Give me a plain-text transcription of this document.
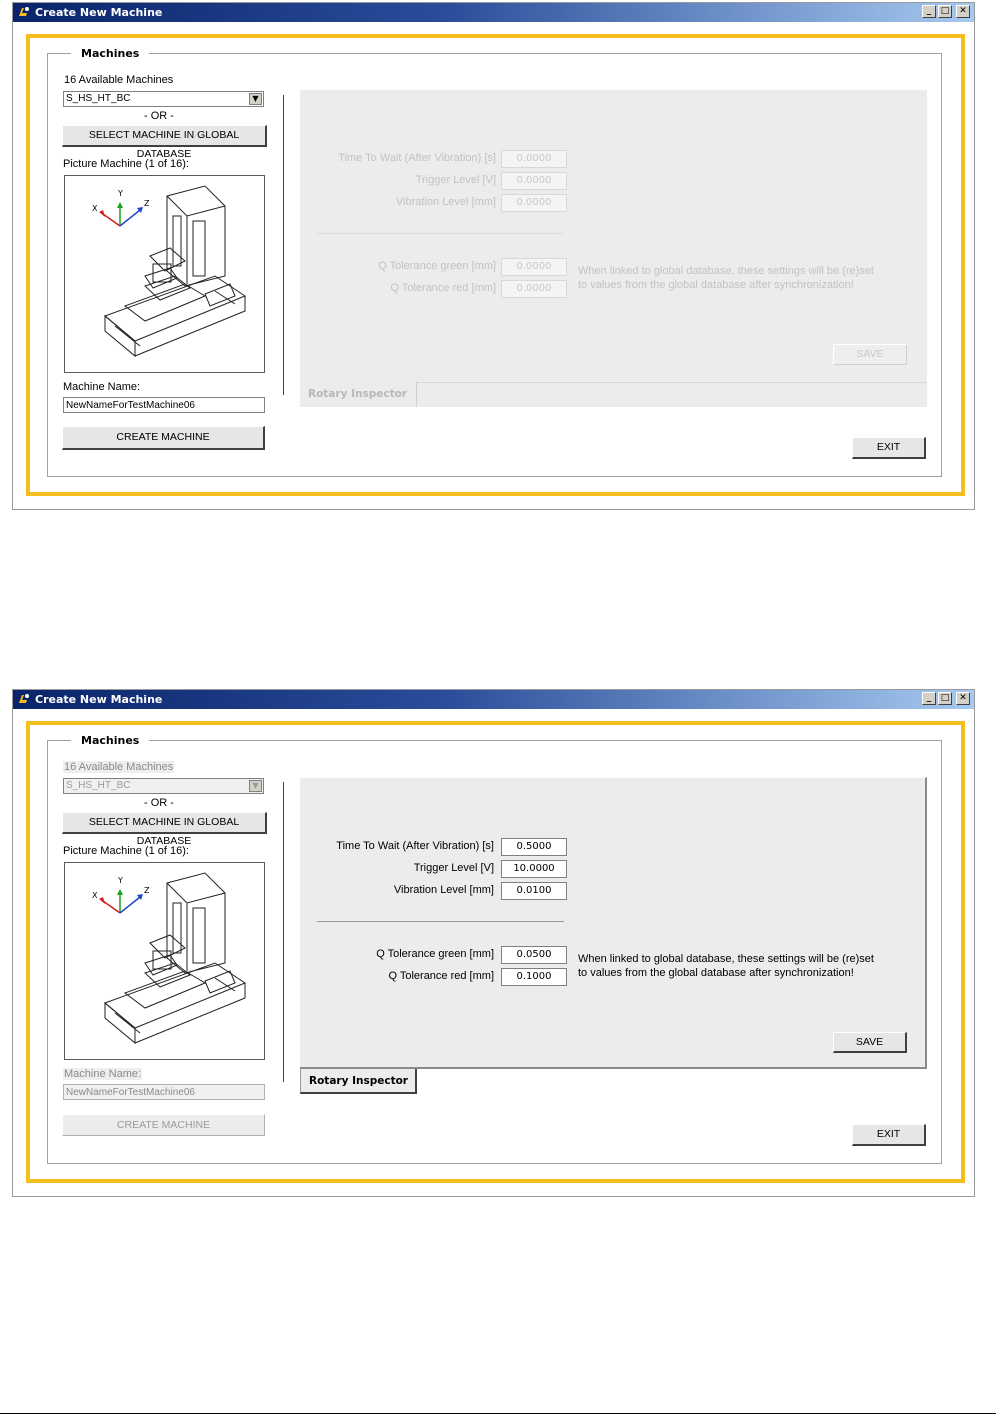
Create New Machine	_	□	✕
Machines
16 Available Machines
S_HS_HT_BC	▼
- OR -
SELECT MACHINE IN GLOBAL DATABASE
Picture Machine (1 of 16):
Y
X
Z
Machine Name:
NewNameForTestMachine06
CREATE MACHINE
Time To Wait (After Vibration) [s]	0.0000
Trigger Level [V]	0.0000
Vibration Level [mm]	0.0000
Q Tolerance green [mm]	0.0000
Q Tolerance red [mm]	0.0000
When linked to global database, these settings will be (re)set
to values from the global database after synchronization!
SAVE
Rotary Inspector
EXIT
Create New Machine	_	□	✕
Machines
16 Available Machines
S_HS_HT_BC	▼
- OR -
SELECT MACHINE IN GLOBAL DATABASE
Picture Machine (1 of 16):
Y
X
Z
Machine Name:
NewNameForTestMachine06
CREATE MACHINE
Time To Wait (After Vibration) [s]	0.5000
Trigger Level [V]	10.0000
Vibration Level [mm]	0.0100
Q Tolerance green [mm]	0.0500
Q Tolerance red [mm]	0.1000
When linked to global database, these settings will be (re)set
to values from the global database after synchronization!
SAVE
Rotary Inspector
EXIT
